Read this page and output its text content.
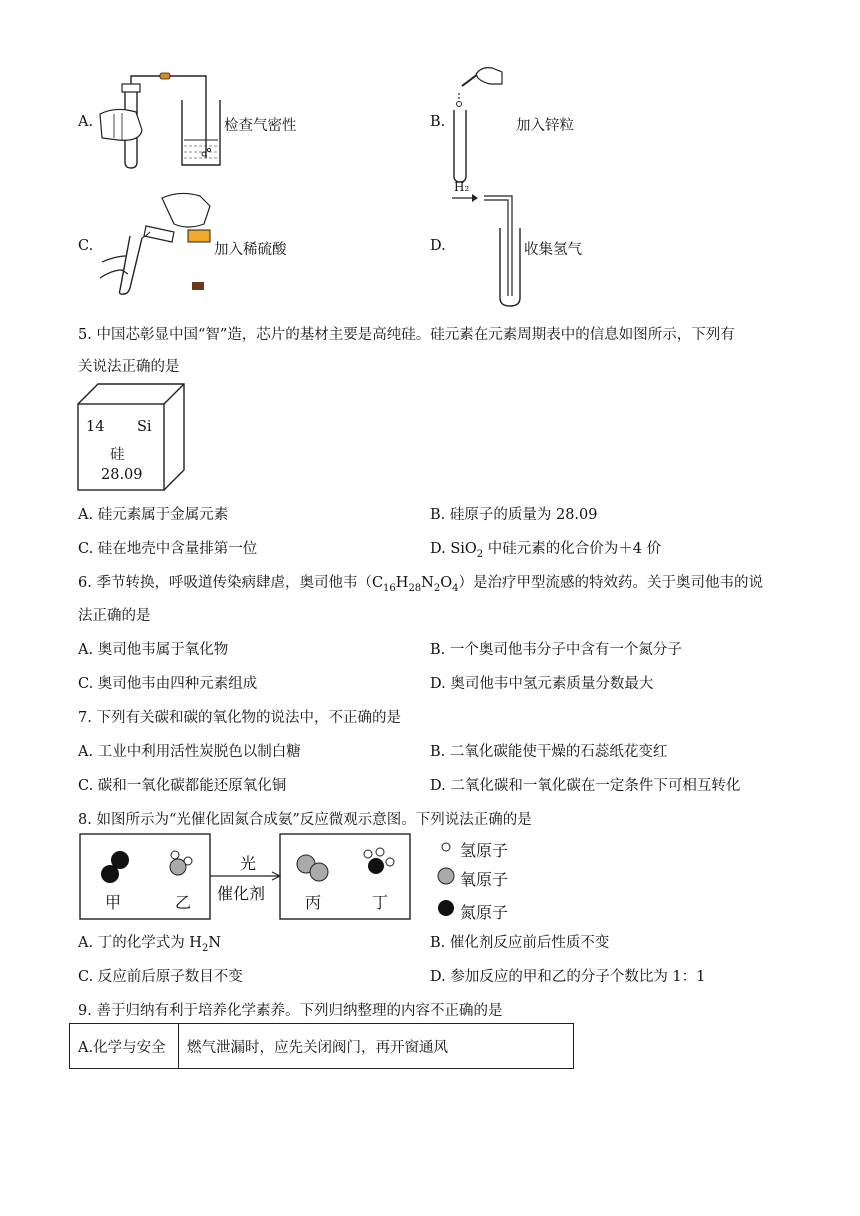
A.	检查气密性	B.	加入锌粒
C.	加入稀硫酸	D.
H₂
收集氢气
5. 中国芯彰显中国“智”造，芯片的基材主要是高纯硅。硅元素在元素周期表中的信息如图所示，下列有
关说法正确的是
14 Si
硅
28.09
A. 硅元素属于金属元素	B. 硅原子的质量为 28.09
C. 硅在地壳中含量排第一位	D. SiO$_2$ 中硅元素的化合价为＋4 价
6. 季节转换，呼吸道传染病肆虐，奥司他韦$(C_{16}H_{28}N_2O_4)$是治疗甲型流感的特效药。关于奥司他韦的说
法正确的是
A. 奥司他韦属于氧化物	B. 一个奥司他韦分子中含有一个氮分子
C. 奥司他韦由四种元素组成	D. 奥司他韦中氢元素质量分数最大
7. 下列有关碳和碳的氧化物的说法中，不正确的是
A. 工业中利用活性炭脱色以制白糖	B. 二氧化碳能使干燥的石蕊纸花变红
C. 碳和一氧化碳都能还原氧化铜	D. 二氧化碳和一氧化碳在一定条件下可相互转化
8. 如图所示为“光催化固氮合成氨”反应微观示意图。下列说法正确的是
甲	乙
光
催化剂 丙	丁
氢原子
氧原子
氮原子
A. 丁的化学式为 $H_2N$	B. 催化剂反应前后性质不变
C. 反应前后原子数目不变	D. 参加反应的甲和乙的分子个数比为 1：1
9. 善于归纳有利于培养化学素养。下列归纳整理的内容不正确的是
A.化学与安全	燃气泄漏时，应先关闭阀门，再开窗通风
